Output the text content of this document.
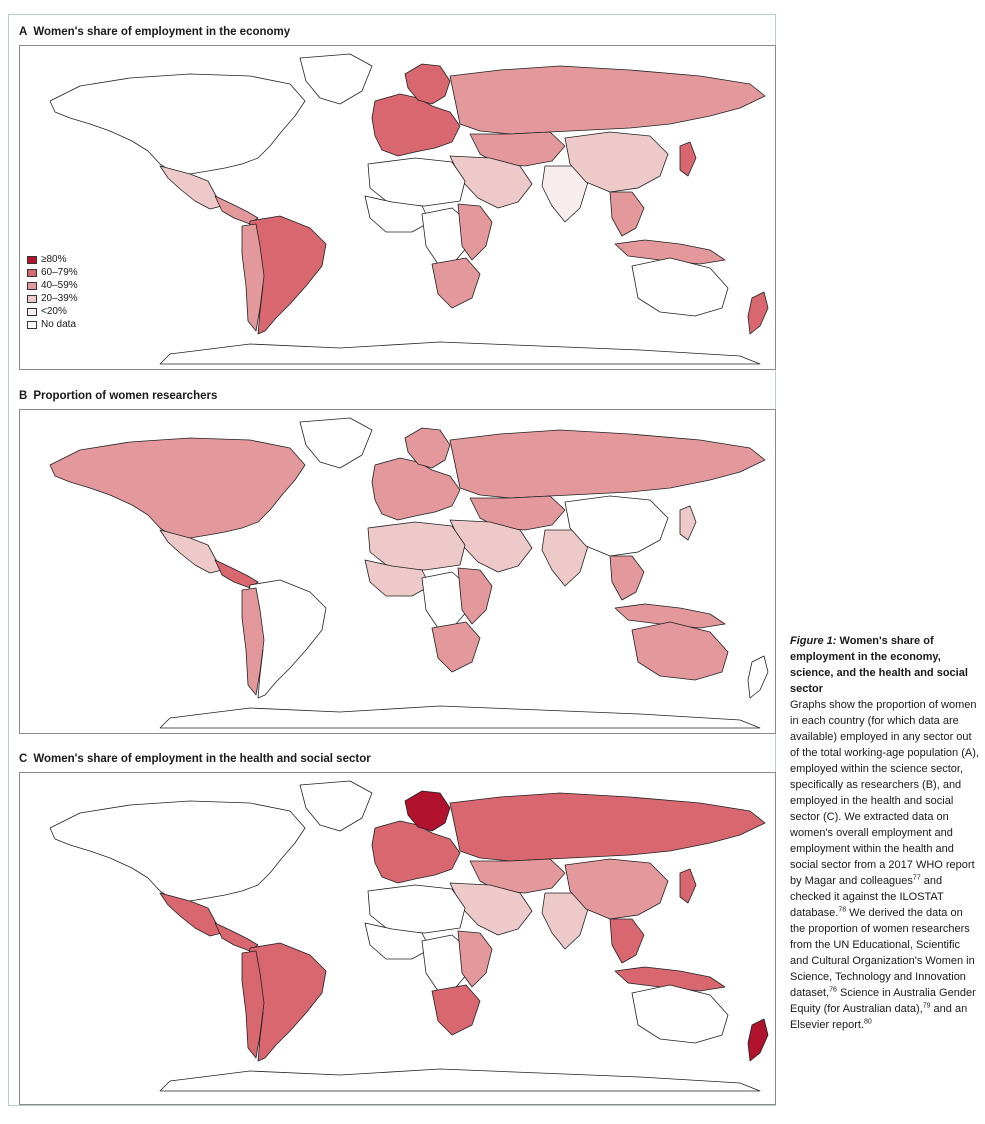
A Women's share of employment in the economy
≥80%
60–79%
40–59%
20–39%
<20%
No data
B Proportion of women researchers
C Women's share of employment in the health and social sector
Figure 1: Women's share of employment in the economy, science, and the health and social sector
Graphs show the proportion of women in each country (for which data are available) employed in any sector out of the total working-age population (A), employed within the science sector, specifically as researchers (B), and employed in the health and social sector (C). We extracted data on women's overall employment and employment within the health and social sector from a 2017 WHO report by Magar and colleagues$^{77}$ and checked it against the ILOSTAT database.$^{78}$ We derived the data on the proportion of women researchers from the UN Educational, Scientific and Cultural Organization's Women in Science, Technology and Innovation dataset,$^{76}$ Science in Australia Gender Equity (for Australian data),$^{79}$ and an Elsevier report.$^{80}$
